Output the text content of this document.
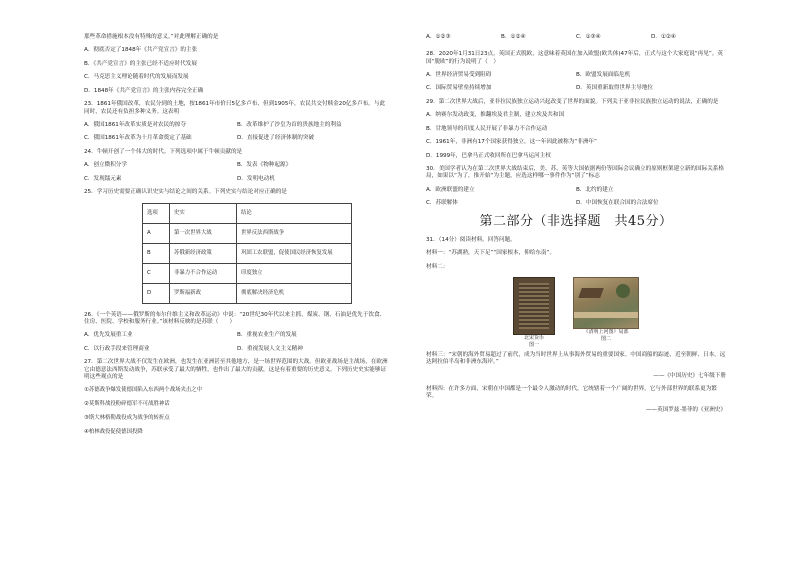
那些革命措施根本没有特殊的意义。”对此理解正确的是
A．彻底否定了1848年《共产党宣言》的主张
B．《共产党宣言》的主张已经不适应时代发展
C．马克思主义理论随着时代的发展而发展
D．1848年《共产党宣言》的主张内容完全正确
23．1861年俄国改革，农民分到的土地，按1861年市价只5亿多卢布，但到1905年，农民共交付赎金20亿多卢布。与此同时，农民还有负担多种义务。这表明
A．俄国1861年改革实质是对农民的掠夺	B．改革维护了沙皇为首的贵族地主的利益
C．俄国1861年改革为十月革命奠定了基础	D．直接促进了经济体制的突破
24．牛顿开创了一个伟大的时代。下列选项中属于牛顿贡献的是
A．创立微积分学	B．发表《物种起源》
C．发现镭元素	D．发明电动机
25．学习历史需要正确认识史实与结论之间的关系。下列史实与结论对应正确的是
选项	史实	结论
A	第一次世界大战	世界反法西斯战争
B	苏俄新经济政策	巩固工农联盟，促使国民经济恢复发展
C	非暴力不合作运动	印度独立
D	罗斯福新政	彻底解决经济危机
26．《一个英语——俄罗斯的布尔什维主义和改革运动》中说：“20世纪30年代以来主抓，煤炭、钢、石油是优先于饮食、住房、医院、学校和服务行业。”该材料反映的是苏联（　　）
A．优先发展重工业	B．重视农业生产的发展
C．以行政手段来管理商业	D．重视发展人文主义精神
27．第二次世界大战不仅发生在欧洲，也发生在亚洲甚至其他地方，是一场世界范围的大战。但欧亚战场是主战场，在欧洲它由德意法西斯发动战争，苏联承受了最大的牺牲，也作出了最大的贡献，这是有着重要的历史意义。下列历史史实能够证明这些观点的是
①苏德战争爆发使德国陷入东西两个战场夹击之中
②莫斯科战役粉碎德军不可战胜神话
③斯大林格勒战役成为战争的转折点
④柏林战役促使德国投降
A．①②③	B．①②④	C．①③④	D．①②④
28．2020年1月31日23点，英国正式脱欧，这意味着英国在加入欧盟(欧共体)47年后，正式与这个大家庭说“再见”。英国“脱欧”的行为说明了（　）
A．世界经济贸易受到阻碍	B．欧盟发展面临危机
C．国际贸易壁垒持续增加	D．英国重新取得世界主导地位
29．第二次世界大战后，亚非拉民族独立运动兴起改变了世界的面貌。下列关于亚非拉民族独立运动的说法，正确的是
A．纳赛尔发动政变，推翻埃及君主制，建立埃及共和国
B．甘地领导的印度人民开展了非暴力不合作运动
C．1961年，非洲有17个国家获得独立，这一年因此被称为“非洲年”
D．1999年，巴拿马正式收回所在巴拿马运河主权
30．美国学者认为在第二次世界大战结束后，美、苏、英等大国依据两份等国际会议确立的原则框架建立新的国际关系格局，如果以“为了，推开始”为主题，应选这样哪一事件作为“别了”标志
A．欧洲联盟的建立	B．北约的建立
C．苏联解体	D．中国恢复在联合国的合法席位
第二部分（非选择题　共45分）
31．（14分）阅读材料，回答问题。
材料一：“苏湖熟，天下足”“国家根本，仰给东南”。
材料二：
北宋货币
图一
《清明上河图》局部
图二
材料三：“宋朝的海外贸易超过了前代，成为当时世界上从事海外贸易的重要国家。中国商船的踪迹，近至朝鲜、日本，远达阿拉伯半岛和非洲东海岸。”
——《中国历史》七年级下册
材料四：在许多方面，宋朝在中国都是一个最令人激动的时代，它统辖着一个广阔的世界，它与外部世界的联系更为繁荣。
——英国罗兹·墨菲的《亚洲史》
